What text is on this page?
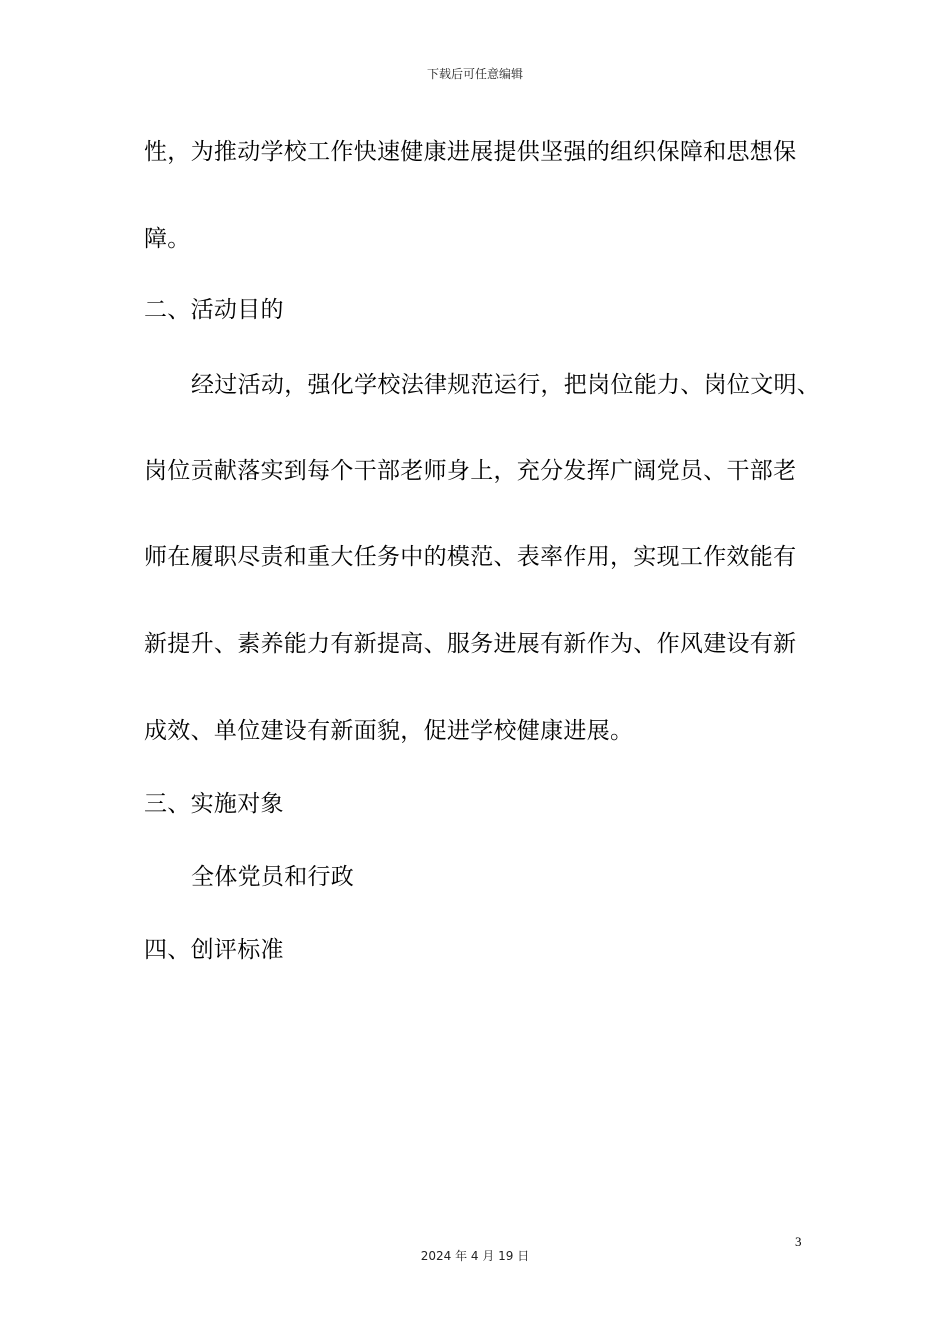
下载后可任意编辑
性，为推动学校工作快速健康进展提供坚强的组织保障和思想保
障。
二、活动目的
经过活动，强化学校法律规范运行，把岗位能力、岗位文明、
岗位贡献落实到每个干部老师身上，充分发挥广阔党员、干部老
师在履职尽责和重大任务中的模范、表率作用，实现工作效能有
新提升、素养能力有新提高、服务进展有新作为、作风建设有新
成效、单位建设有新面貌，促进学校健康进展。
三、实施对象
全体党员和行政
四、创评标准
3
2024 年 4 月 19 日
